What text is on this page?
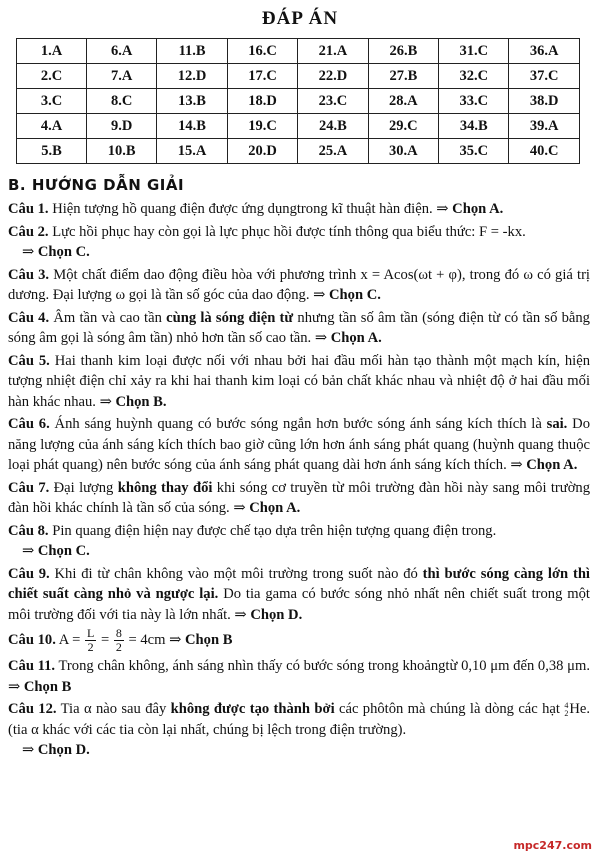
ĐÁP ÁN
1.A	6.A	11.B	16.C	21.A	26.B	31.C	36.A
2.C	7.A	12.D	17.C	22.D	27.B	32.C	37.C
3.C	8.C	13.B	18.D	23.C	28.A	33.C	38.D
4.A	9.D	14.B	19.C	24.B	29.C	34.B	39.A
5.B	10.B	15.A	20.D	25.A	30.A	35.C	40.C
B. HƯỚNG DẪN GIẢI
Câu 1. Hiện tượng hồ quang điện được ứng dụngtrong kĩ thuật hàn điện. ⇒ Chọn A.
Câu 2. Lực hồi phục hay còn gọi là lực phục hồi được tính thông qua biểu thức: F = -kx.
⇒ Chọn C.
Câu 3. Một chất điểm dao động điều hòa với phương trình x = Acos(ωt + φ), trong đó ω có giá trị dương. Đại lượng ω gọi là tần số góc của dao động. ⇒ Chọn C.
Câu 4. Âm tần và cao tần cùng là sóng điện từ nhưng tần số âm tần (sóng điện từ có tần số bằng sóng âm gọi là sóng âm tần) nhỏ hơn tần số cao tần. ⇒ Chọn A.
Câu 5. Hai thanh kim loại được nối với nhau bởi hai đầu mối hàn tạo thành một mạch kín, hiện tượng nhiệt điện chỉ xảy ra khi hai thanh kim loại có bản chất khác nhau và nhiệt độ ở hai đầu mối hàn khác nhau. ⇒ Chọn B.
Câu 6. Ánh sáng huỳnh quang có bước sóng ngắn hơn bước sóng ánh sáng kích thích là sai. Do năng lượng của ánh sáng kích thích bao giờ cũng lớn hơn ánh sáng phát quang (huỳnh quang thuộc loại phát quang) nên bước sóng của ánh sáng phát quang dài hơn ánh sáng kích thích. ⇒ Chọn A.
Câu 7. Đại lượng không thay đổi khi sóng cơ truyền từ môi trường đàn hồi này sang môi trường đàn hồi khác chính là tần số của sóng. ⇒ Chọn A.
Câu 8. Pin quang điện hiện nay được chế tạo dựa trên hiện tượng quang điện trong.
⇒ Chọn C.
Câu 9. Khi đi từ chân không vào một môi trường trong suốt nào đó thì bước sóng càng lớn thì chiết suất càng nhỏ và ngược lại. Do tia gama có bước sóng nhỏ nhất nên chiết suất trong một môi trường đối với tia này là lớn nhất. ⇒ Chọn D.
Câu 10. $A = \frac{L}{2} = \frac{8}{2} = 4cm$ ⇒ Chọn B
Câu 11. Trong chân không, ánh sáng nhìn thấy có bước sóng trong khoảngtừ 0,10 μm đến 0,38 μm. ⇒ Chọn B
Câu 12. Tia α nào sau đây không được tạo thành bởi các phôtôn mà chúng là dòng các hạt 4
2 He. (tia α khác với các tia còn lại nhất, chúng bị lệch trong điện trường).
⇒ Chọn D.
mpc247.com
